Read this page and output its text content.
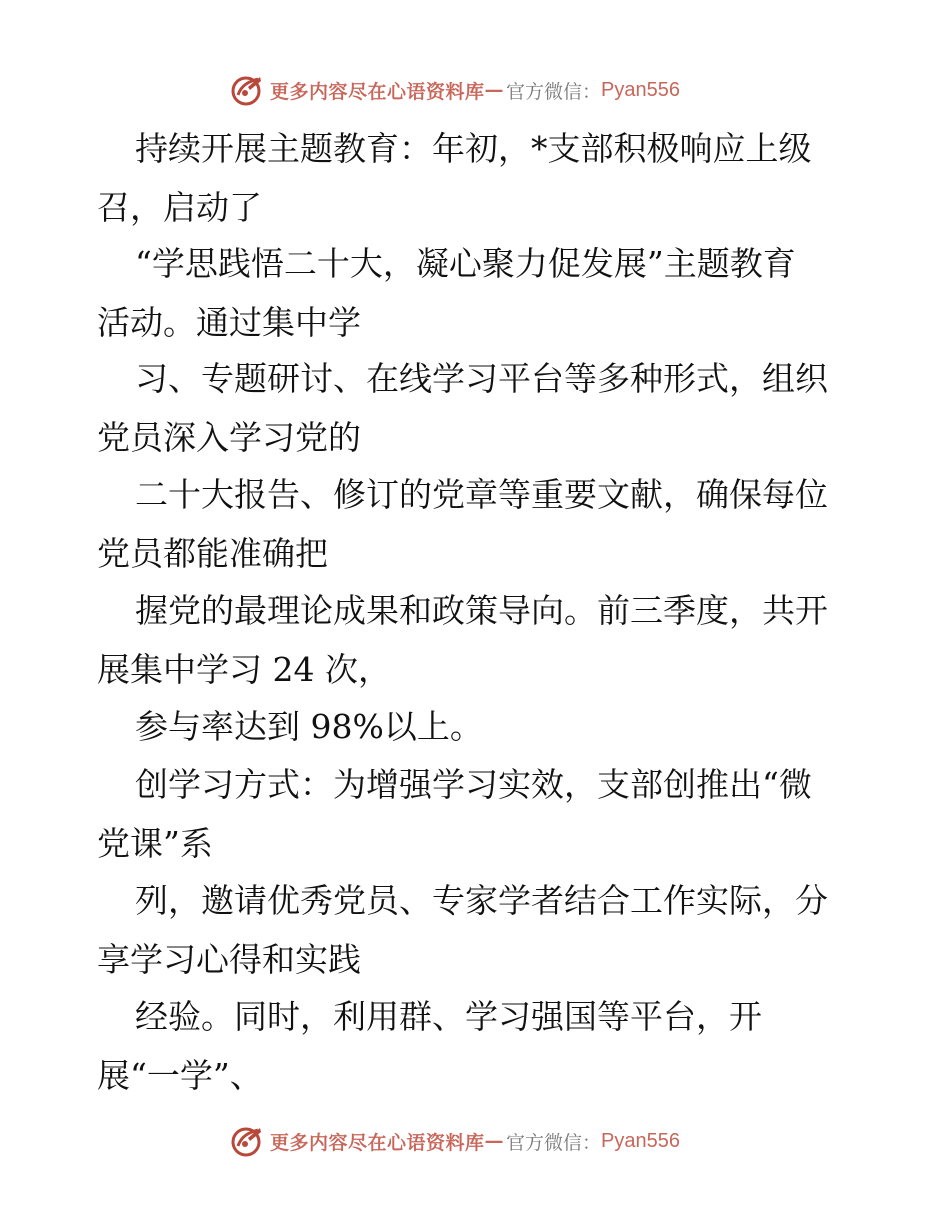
更多内容尽在心语资料库 — 官方微信： Pyan556
持续开展主题教育：年初，*支部积极响应上级
召，启动了
“学思践悟二十大，凝心聚力促发展”主题教育
活动。通过集中学
习、专题研讨、在线学习平台等多种形式，组织
党员深入学习党的
二十大报告、修订的党章等重要文献，确保每位
党员都能准确把
握党的最理论成果和政策导向。前三季度，共开
展集中学习 24 次，
参与率达到 98%以上。
创学习方式：为增强学习实效，支部创推出“微
党课”系
列，邀请优秀党员、专家学者结合工作实际，分
享学习心得和实践
经验。同时，利用群、学习强国等平台，开
展“一学”、
更多内容尽在心语资料库 — 官方微信： Pyan556
